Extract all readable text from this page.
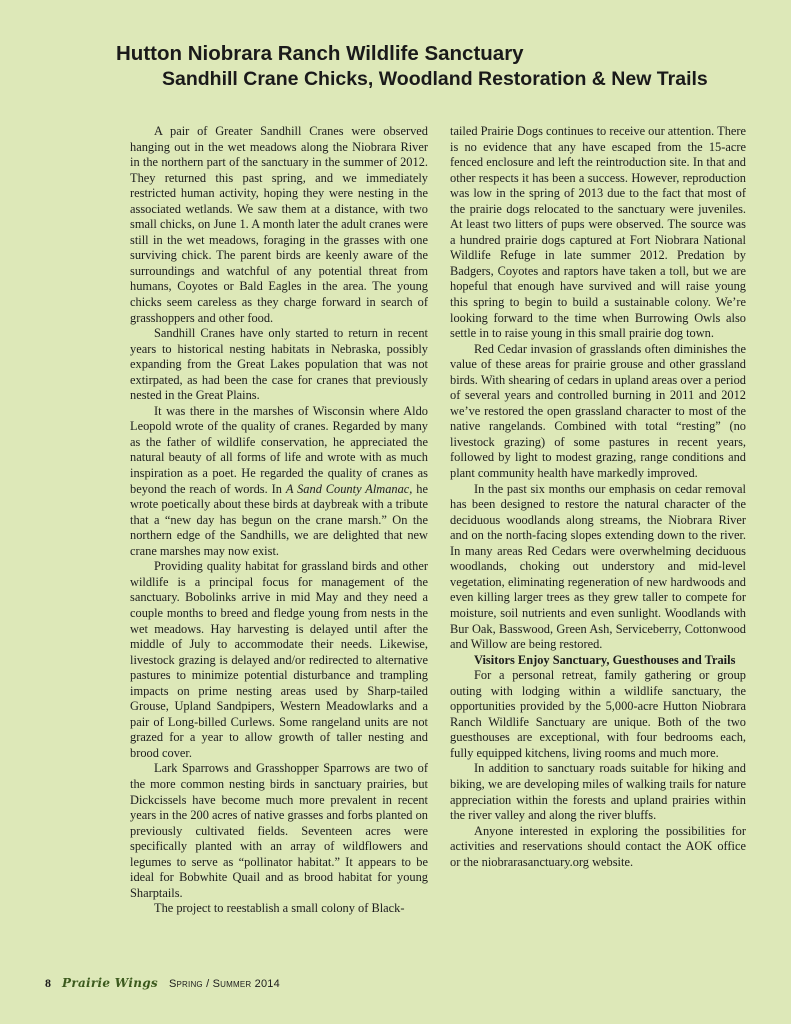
Hutton Niobrara Ranch Wildlife Sanctuary
Sandhill Crane Chicks, Woodland Restoration & New Trails

A pair of Greater Sandhill Cranes were observed hanging out in the wet meadows along the Niobrara River in the northern part of the sanctuary in the summer of 2012. They returned this past spring, and we immediately restricted human activity, hoping they were nesting in the associated wetlands. We saw them at a distance, with two small chicks, on June 1. A month later the adult cranes were still in the wet meadows, foraging in the grasses with one surviving chick. The parent birds are keenly aware of the surroundings and watchful of any potential threat from humans, Coyotes or Bald Eagles in the area. The young chicks seem careless as they charge forward in search of grasshoppers and other food.

Sandhill Cranes have only started to return in recent years to historical nesting habitats in Nebraska, possibly expanding from the Great Lakes population that was not extirpated, as had been the case for cranes that previously nested in the Great Plains.

It was there in the marshes of Wisconsin where Aldo Leopold wrote of the quality of cranes. Regarded by many as the father of wildlife conservation, he appreciated the natural beauty of all forms of life and wrote with as much inspiration as a poet. He regarded the quality of cranes as beyond the reach of words. In A Sand County Almanac, he wrote poetically about these birds at daybreak with a tribute that a “new day has begun on the crane marsh.” On the northern edge of the Sandhills, we are delighted that new crane marshes may now exist.

Providing quality habitat for grassland birds and other wildlife is a principal focus for management of the sanctuary. Bobolinks arrive in mid May and they need a couple months to breed and fledge young from nests in the wet meadows. Hay harvesting is delayed until after the middle of July to accommodate their needs. Likewise, livestock grazing is delayed and/or redirected to alternative pastures to minimize potential disturbance and trampling impacts on prime nesting areas used by Sharp-tailed Grouse, Upland Sandpipers, Western Meadowlarks and a pair of Long-billed Curlews. Some rangeland units are not grazed for a year to allow growth of taller nesting and brood cover.

Lark Sparrows and Grasshopper Sparrows are two of the more common nesting birds in sanctuary prairies, but Dickcissels have become much more prevalent in recent years in the 200 acres of native grasses and forbs planted on previously cultivated fields. Seventeen acres were specifically planted with an array of wildflowers and legumes to serve as “pollinator habitat.” It appears to be ideal for Bobwhite Quail and as brood habitat for young Sharptails.

The project to reestablish a small colony of Black-

tailed Prairie Dogs continues to receive our attention. There is no evidence that any have escaped from the 15-acre fenced enclosure and left the reintroduction site. In that and other respects it has been a success. However, reproduction was low in the spring of 2013 due to the fact that most of the prairie dogs relocated to the sanctuary were juveniles. At least two litters of pups were observed. The source was a hundred prairie dogs captured at Fort Niobrara National Wildlife Refuge in late summer 2012. Predation by Badgers, Coyotes and raptors have taken a toll, but we are hopeful that enough have survived and will raise young this spring to begin to build a sustainable colony. We’re looking forward to the time when Burrowing Owls also settle in to raise young in this small prairie dog town.

Red Cedar invasion of grasslands often diminishes the value of these areas for prairie grouse and other grassland birds. With shearing of cedars in upland areas over a period of several years and controlled burning in 2011 and 2012 we’ve restored the open grassland character to most of the native rangelands. Combined with total “resting” (no livestock grazing) of some pastures in recent years, followed by light to modest grazing, range conditions and plant community health have markedly improved.

In the past six months our emphasis on cedar removal has been designed to restore the natural character of the deciduous woodlands along streams, the Niobrara River and on the north-facing slopes extending down to the river. In many areas Red Cedars were overwhelming deciduous woodlands, choking out understory and mid-level vegetation, eliminating regeneration of new hardwoods and even killing larger trees as they grew taller to compete for moisture, soil nutrients and even sunlight. Woodlands with Bur Oak, Basswood, Green Ash, Serviceberry, Cottonwood and Willow are being restored.

Visitors Enjoy Sanctuary, Guesthouses and Trails

For a personal retreat, family gathering or group outing with lodging within a wildlife sanctuary, the opportunities provided by the 5,000-acre Hutton Niobrara Ranch Wildlife Sanctuary are unique. Both of the two guesthouses are exceptional, with four bedrooms each, fully equipped kitchens, living rooms and much more.

In addition to sanctuary roads suitable for hiking and biking, we are developing miles of walking trails for nature appreciation within the forests and upland prairies within the river valley and along the river bluffs.

Anyone interested in exploring the possibilities for activities and reservations should contact the AOK office or the niobrarasanctuary.org website.

8 Prairie Wings Spring / Summer 2014
